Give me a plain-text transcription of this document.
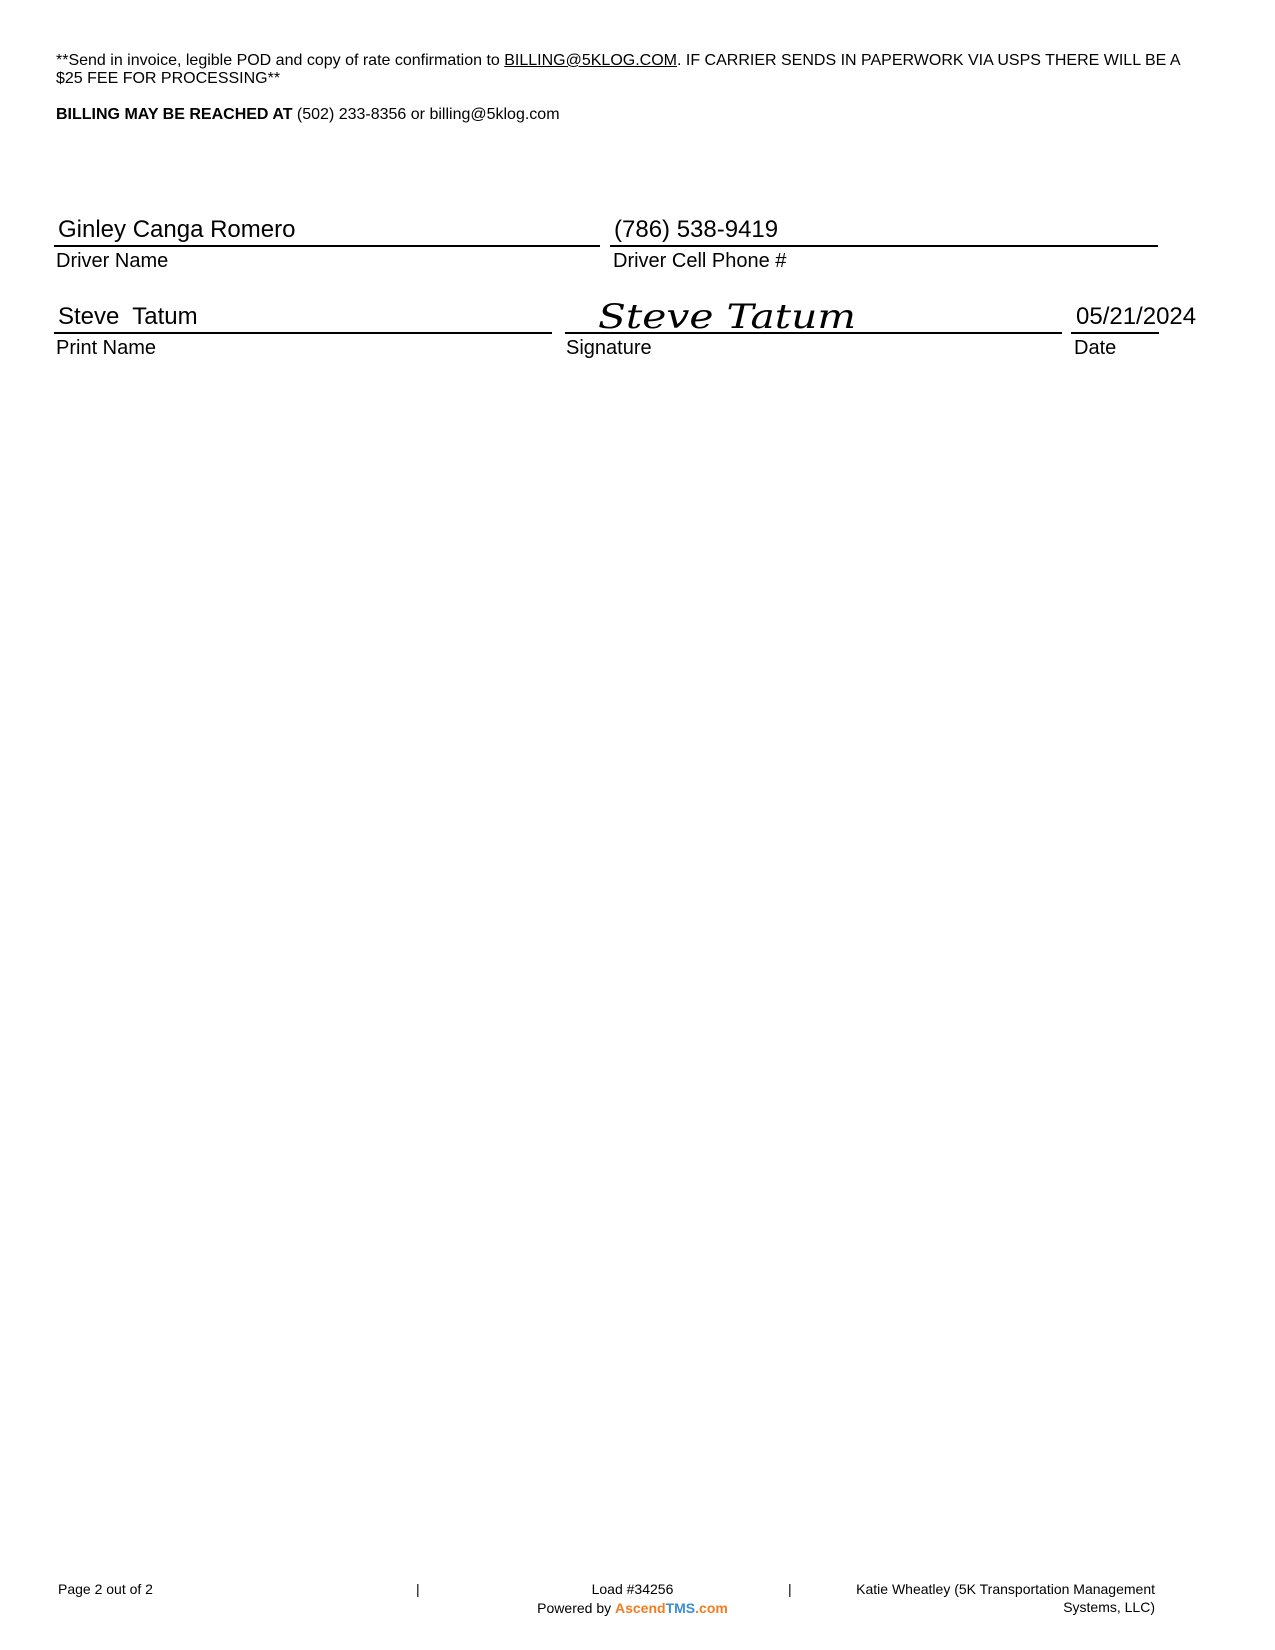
**Send in invoice, legible POD and copy of rate confirmation to BILLING@5KLOG.COM. IF CARRIER SENDS IN PAPERWORK VIA USPS THERE WILL BE A $25 FEE FOR PROCESSING**
BILLING MAY BE REACHED AT (502) 233-8356 or billing@5klog.com
Ginley Canga Romero
Driver Name
(786) 538-9419
Driver Cell Phone #
Steve  Tatum
Print Name
Steve Tatum
Signature
05/21/2024
Date
Page 2 out of 2	|	Load #34256
Powered by AscendTMS.com
|	Katie Wheatley (5K Transportation Management
Systems, LLC)
